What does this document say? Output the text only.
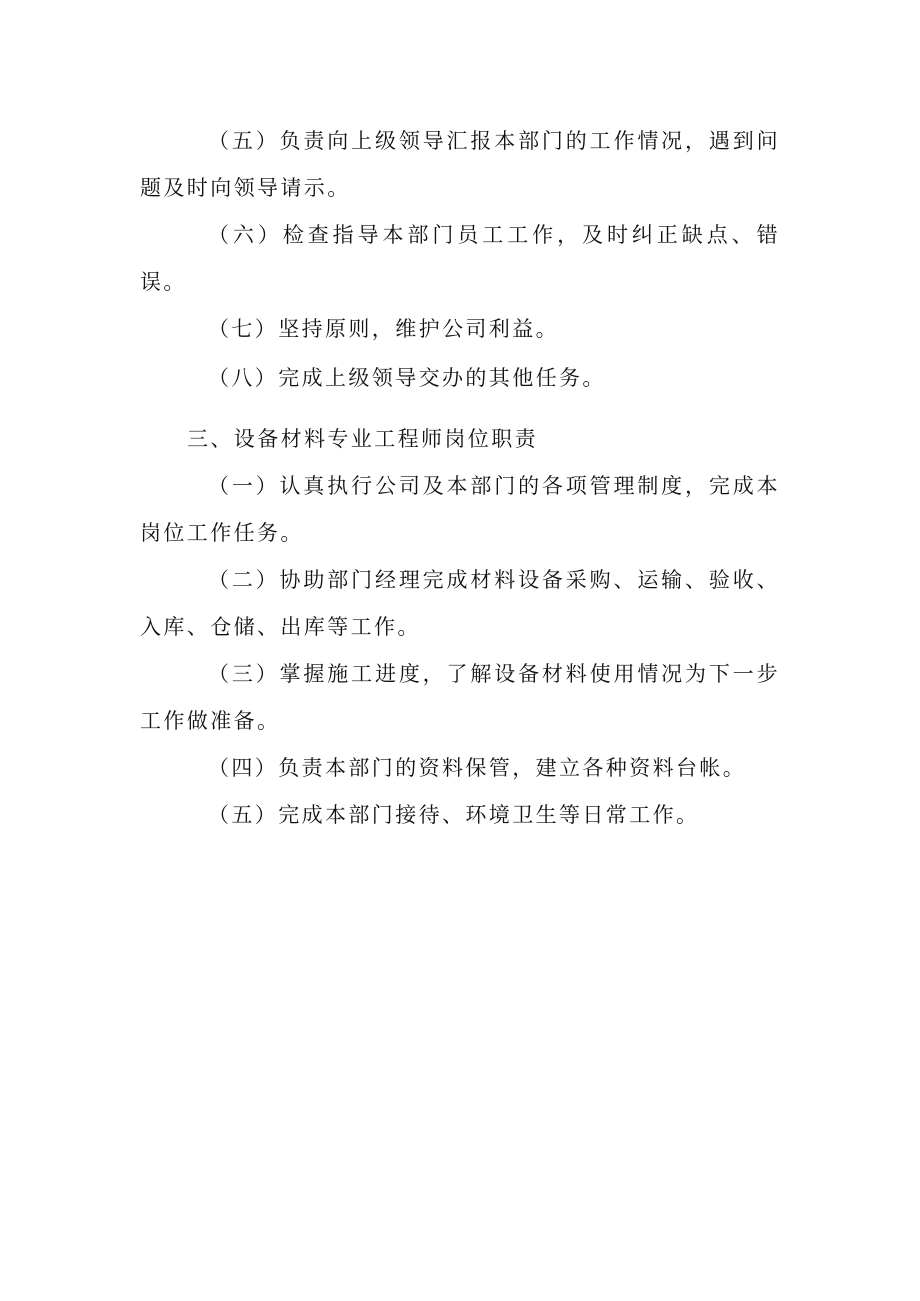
（五）负责向上级领导汇报本部门的工作情况，遇到问题及时向领导请示。

（六）检查指导本部门员工工作，及时纠正缺点、错误。

（七）坚持原则，维护公司利益。

（八）完成上级领导交办的其他任务。

三、设备材料专业工程师岗位职责

（一）认真执行公司及本部门的各项管理制度，完成本岗位工作任务。

（二）协助部门经理完成材料设备采购、运输、验收、入库、仓储、出库等工作。

（三）掌握施工进度，了解设备材料使用情况为下一步工作做准备。

（四）负责本部门的资料保管，建立各种资料台帐。

（五）完成本部门接待、环境卫生等日常工作。
